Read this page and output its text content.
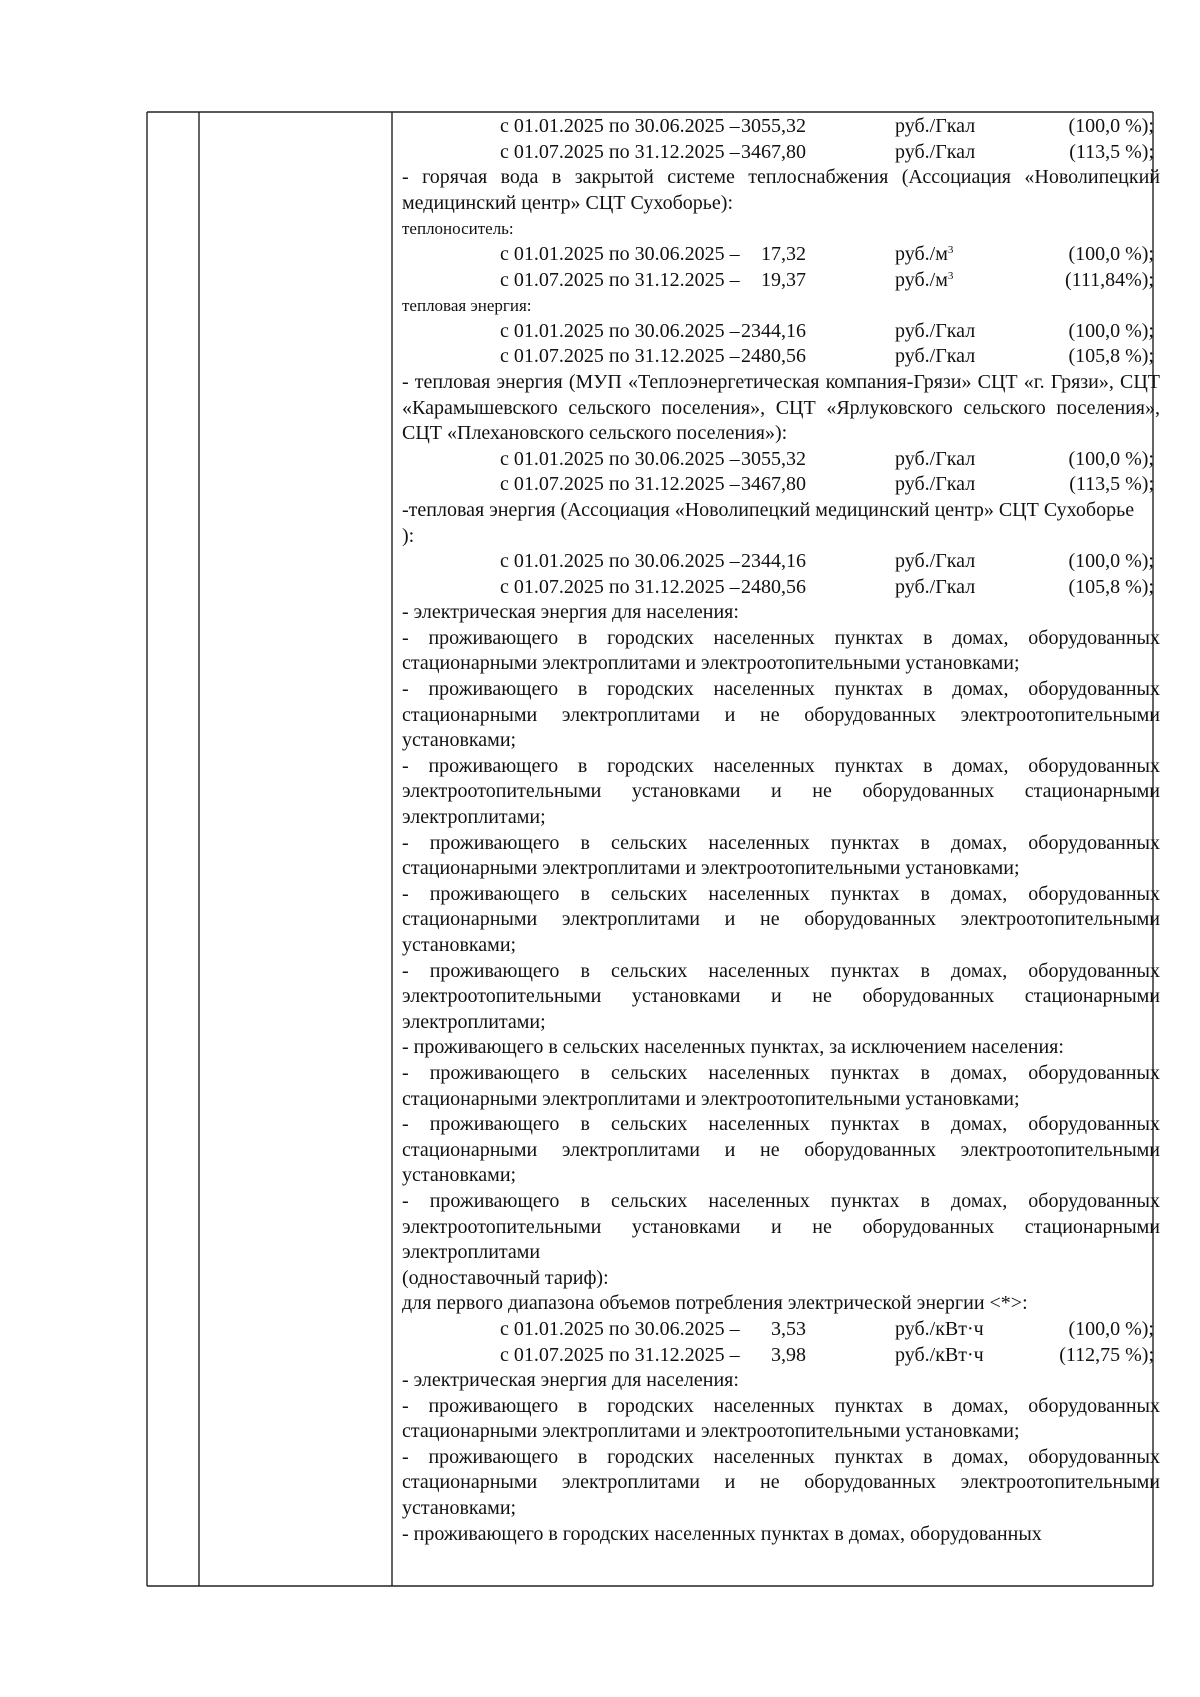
с 01.01.2025 по 30.06.2025 – 3055,32	руб./Гкал	(100,0 %);
с 01.07.2025 по 31.12.2025 – 3467,80	руб./Гкал	(113,5 %);
- горячая вода в закрытой системе теплоснабжения (Ассоциация «Новолипецкий медицинский центр» СЦТ Сухоборье):
теплоноситель:
с 01.01.2025 по 30.06.2025 – 17,32	$руб./м^3$	(100,0 %);
с 01.07.2025 по 31.12.2025 – 19,37	$руб./м^3$	(111,84%);
тепловая энергия:
с 01.01.2025 по 30.06.2025 – 2344,16	руб./Гкал	(100,0 %);
с 01.07.2025 по 31.12.2025 – 2480,56	руб./Гкал	(105,8 %);
- тепловая энергия (МУП «Теплоэнергетическая компания-Грязи» СЦТ «г. Грязи», СЦТ «Карамышевского сельского поселения», СЦТ «Ярлуковского сельского поселения», СЦТ «Плехановского сельского поселения»):
с 01.01.2025 по 30.06.2025 – 3055,32	руб./Гкал	(100,0 %);
с 01.07.2025 по 31.12.2025 – 3467,80	руб./Гкал	(113,5 %);
-тепловая энергия (Ассоциация «Новолипецкий медицинский центр» СЦТ Сухоборье ):
с 01.01.2025 по 30.06.2025 – 2344,16	руб./Гкал	(100,0 %);
с 01.07.2025 по 31.12.2025 – 2480,56	руб./Гкал	(105,8 %);
- электрическая энергия для населения:
- проживающего в городских населенных пунктах в домах, оборудованных стационарными электроплитами и электроотопительными установками;
- проживающего в городских населенных пунктах в домах, оборудованных стационарными электроплитами и не оборудованных электроотопительными установками;
- проживающего в городских населенных пунктах в домах, оборудованных электроотопительными установками и не оборудованных стационарными электроплитами;
- проживающего в сельских населенных пунктах в домах, оборудованных стационарными электроплитами и электроотопительными установками;
- проживающего в сельских населенных пунктах в домах, оборудованных стационарными электроплитами и не оборудованных электроотопительными установками;
- проживающего в сельских населенных пунктах в домах, оборудованных электроотопительными установками и не оборудованных стационарными электроплитами;
- проживающего в сельских населенных пунктах, за исключением населения:
- проживающего в сельских населенных пунктах в домах, оборудованных стационарными электроплитами и электроотопительными установками;
- проживающего в сельских населенных пунктах в домах, оборудованных стационарными электроплитами и не оборудованных электроотопительными установками;
- проживающего в сельских населенных пунктах в домах, оборудованных электроотопительными установками и не оборудованных стационарными электроплитами
(одноставочный тариф):
для первого диапазона объемов потребления электрической энергии <*>:
с 01.01.2025 по 30.06.2025 – 3,53	руб./кВт·ч	(100,0 %);
с 01.07.2025 по 31.12.2025 – 3,98	руб./кВт·ч	(112,75 %);
- электрическая энергия для населения:
- проживающего в городских населенных пунктах в домах, оборудованных стационарными электроплитами и электроотопительными установками;
- проживающего в городских населенных пунктах в домах, оборудованных стационарными электроплитами и не оборудованных электроотопительными установками;
- проживающего в городских населенных пунктах в домах, оборудованных
